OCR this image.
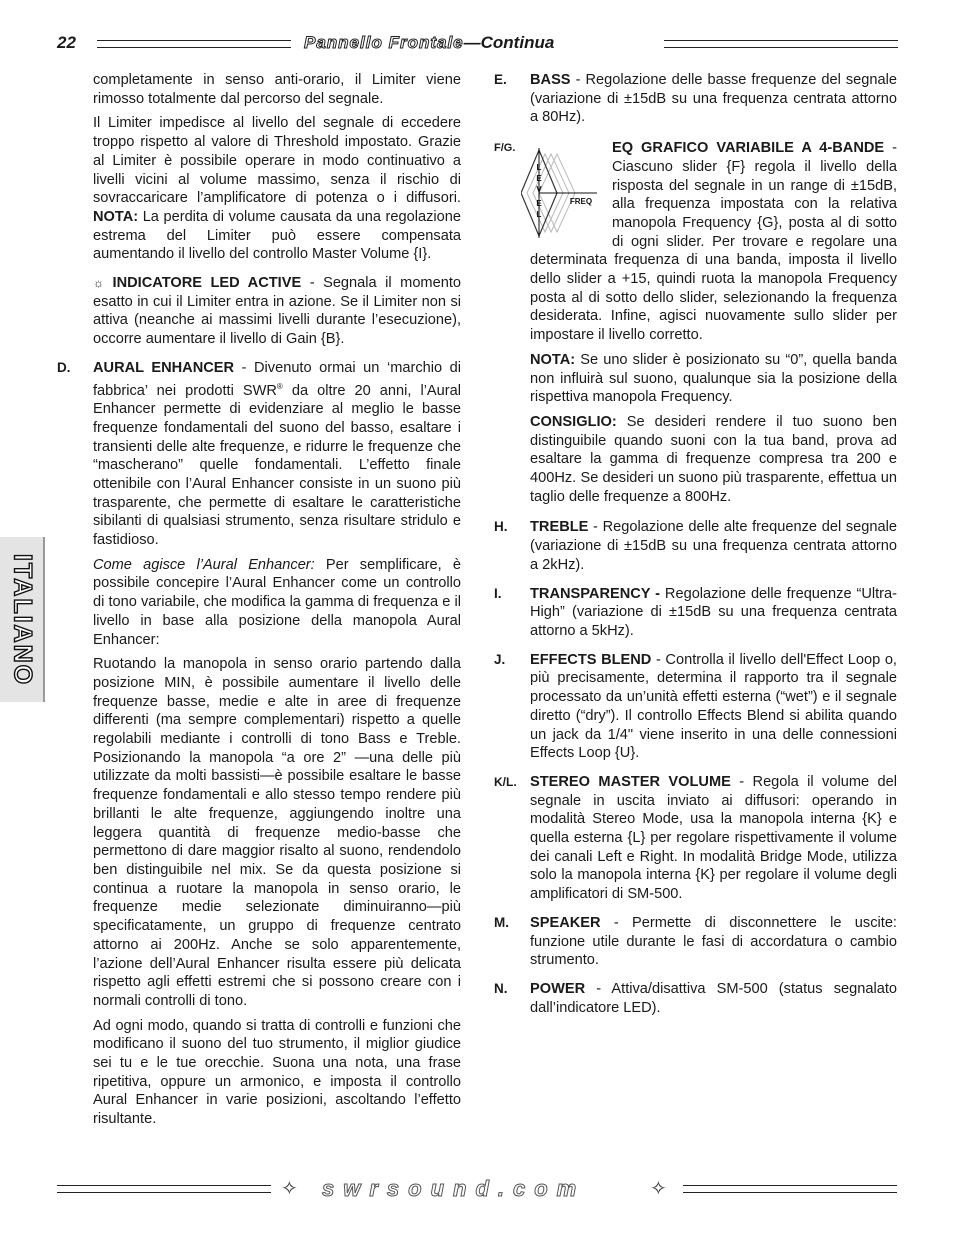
22	Pannello Frontale—Continua
ITALIANO

completamente in senso anti-orario, il Limiter viene rimosso totalmente dal percorso del segnale.

Il Limiter impedisce al livello del segnale di eccedere troppo rispetto al valore di Threshold impostato. Grazie al Limiter è possibile operare in modo continuativo a livelli vicini al volume massimo, senza il rischio di sovraccaricare l’amplificatore di potenza o i diffusori. NOTA: La perdita di volume causata da una regolazione estrema del Limiter può essere compensata aumentando il livello del controllo Master Volume {I}.

☼ INDICATORE LED ACTIVE - Segnala il momento esatto in cui il Limiter entra in azione. Se il Limiter non si attiva (neanche ai massimi livelli durante l’esecuzione), occorre aumentare il livello di Gain {B}.

D. AURAL ENHANCER - Divenuto ormai un ‘marchio di fabbrica’ nei prodotti SWR® da oltre 20 anni, l’Aural Enhancer permette di evidenziare al meglio le basse frequenze fondamentali del suono del basso, esaltare i transienti delle alte frequenze, e ridurre le frequenze che “mascherano” quelle fondamentali. L’effetto finale ottenibile con l’Aural Enhancer consiste in un suono più trasparente, che permette di esaltare le caratteristiche sibilanti di qualsiasi strumento, senza risultare stridulo e fastidioso.

Come agisce l’Aural Enhancer: Per semplificare, è possibile concepire l’Aural Enhancer come un controllo di tono variabile, che modifica la gamma di frequenza e il livello in base alla posizione della manopola Aural Enhancer:

Ruotando la manopola in senso orario partendo dalla posizione MIN, è possibile aumentare il livello delle frequenze basse, medie e alte in aree di frequenze differenti (ma sempre complementari) rispetto a quelle regolabili mediante i controlli di tono Bass e Treble. Posizionando la manopola “a ore 2” —una delle più utilizzate da molti bassisti—è possibile esaltare le basse frequenze fondamentali e allo stesso tempo rendere più brillanti le alte frequenze, aggiungendo inoltre una leggera quantità di frequenze medio-basse che permettono di dare maggior risalto al suono, rendendolo ben distinguibile nel mix. Se da questa posizione si continua a ruotare la manopola in senso orario, le frequenze medie selezionate diminuiranno—più specificatamente, un gruppo di frequenze centrato attorno ai 200Hz. Anche se solo apparentemente, l’azione dell’Aural Enhancer risulta essere più delicata rispetto agli effetti estremi che si possono creare con i normali controlli di tono.

Ad ogni modo, quando si tratta di controlli e funzioni che modificano il suono del tuo strumento, il miglior giudice sei tu e le tue orecchie. Suona una nota, una frase ripetitiva, oppure un armonico, e imposta il controllo Aural Enhancer in varie posizioni, ascoltando l’effetto risultante.

E. BASS - Regolazione delle basse frequenze del segnale (variazione di ±15dB su una frequenza centrata attorno a 80Hz).
F/G.	EQ GRAFICO VARIABILE A 4-BANDE - Ciascuno slider {F} regola il livello della risposta del segnale in un range di ±15dB, alla frequenza impostata con la relativa manopola Frequency {G}, posta al di sotto di ogni slider. Per trovare e regolare una determinata frequenza di una banda, imposta il livello dello slider a +15, quindi ruota la manopola Frequency posta al di sotto dello slider, selezionando la frequenza desiderata. Infine, agisci nuovamente sullo slider per impostare il livello corretto.

NOTA: Se uno slider è posizionato su “0”, quella banda non influirà sul suono, qualunque sia la posizione della rispettiva manopola Frequency.

CONSIGLIO: Se desideri rendere il tuo suono ben distinguibile quando suoni con la tua band, prova ad esaltare la gamma di frequenze compresa tra 200 e 400Hz. Se desideri un suono più trasparente, effettua un taglio delle frequenze a 800Hz.

H. TREBLE - Regolazione delle alte frequenze del segnale (variazione di ±15dB su una frequenza centrata attorno a 2kHz).
I. TRANSPARENCY - Regolazione delle frequenze “Ultra-High” (variazione di ±15dB su una frequenza centrata attorno a 5kHz).
J. EFFECTS BLEND - Controlla il livello dell'Effect Loop o, più precisamente, determina il rapporto tra il segnale processato da un’unità effetti esterna (“wet”) e il segnale diretto (“dry”). Il controllo Effects Blend si abilita quando un jack da 1/4" viene inserito in una delle connessioni Effects Loop {U}.
K/L. STEREO MASTER VOLUME - Regola il volume del segnale in uscita inviato ai diffusori: operando in modalità Stereo Mode, usa la manopola interna {K} e quella esterna {L} per regolare rispettivamente il volume dei canali Left e Right. In modalità Bridge Mode, utilizza solo la manopola interna {K} per regolare il volume degli amplificatori di SM-500.
M. SPEAKER - Permette di disconnettere le uscite: funzione utile durante le fasi di accordatura o cambio strumento.
N. POWER - Attiva/disattiva SM-500 (status segnalato dall’indicatore LED).
L
E
V
E
L
FREQ
✧ swrsound.com	✧
